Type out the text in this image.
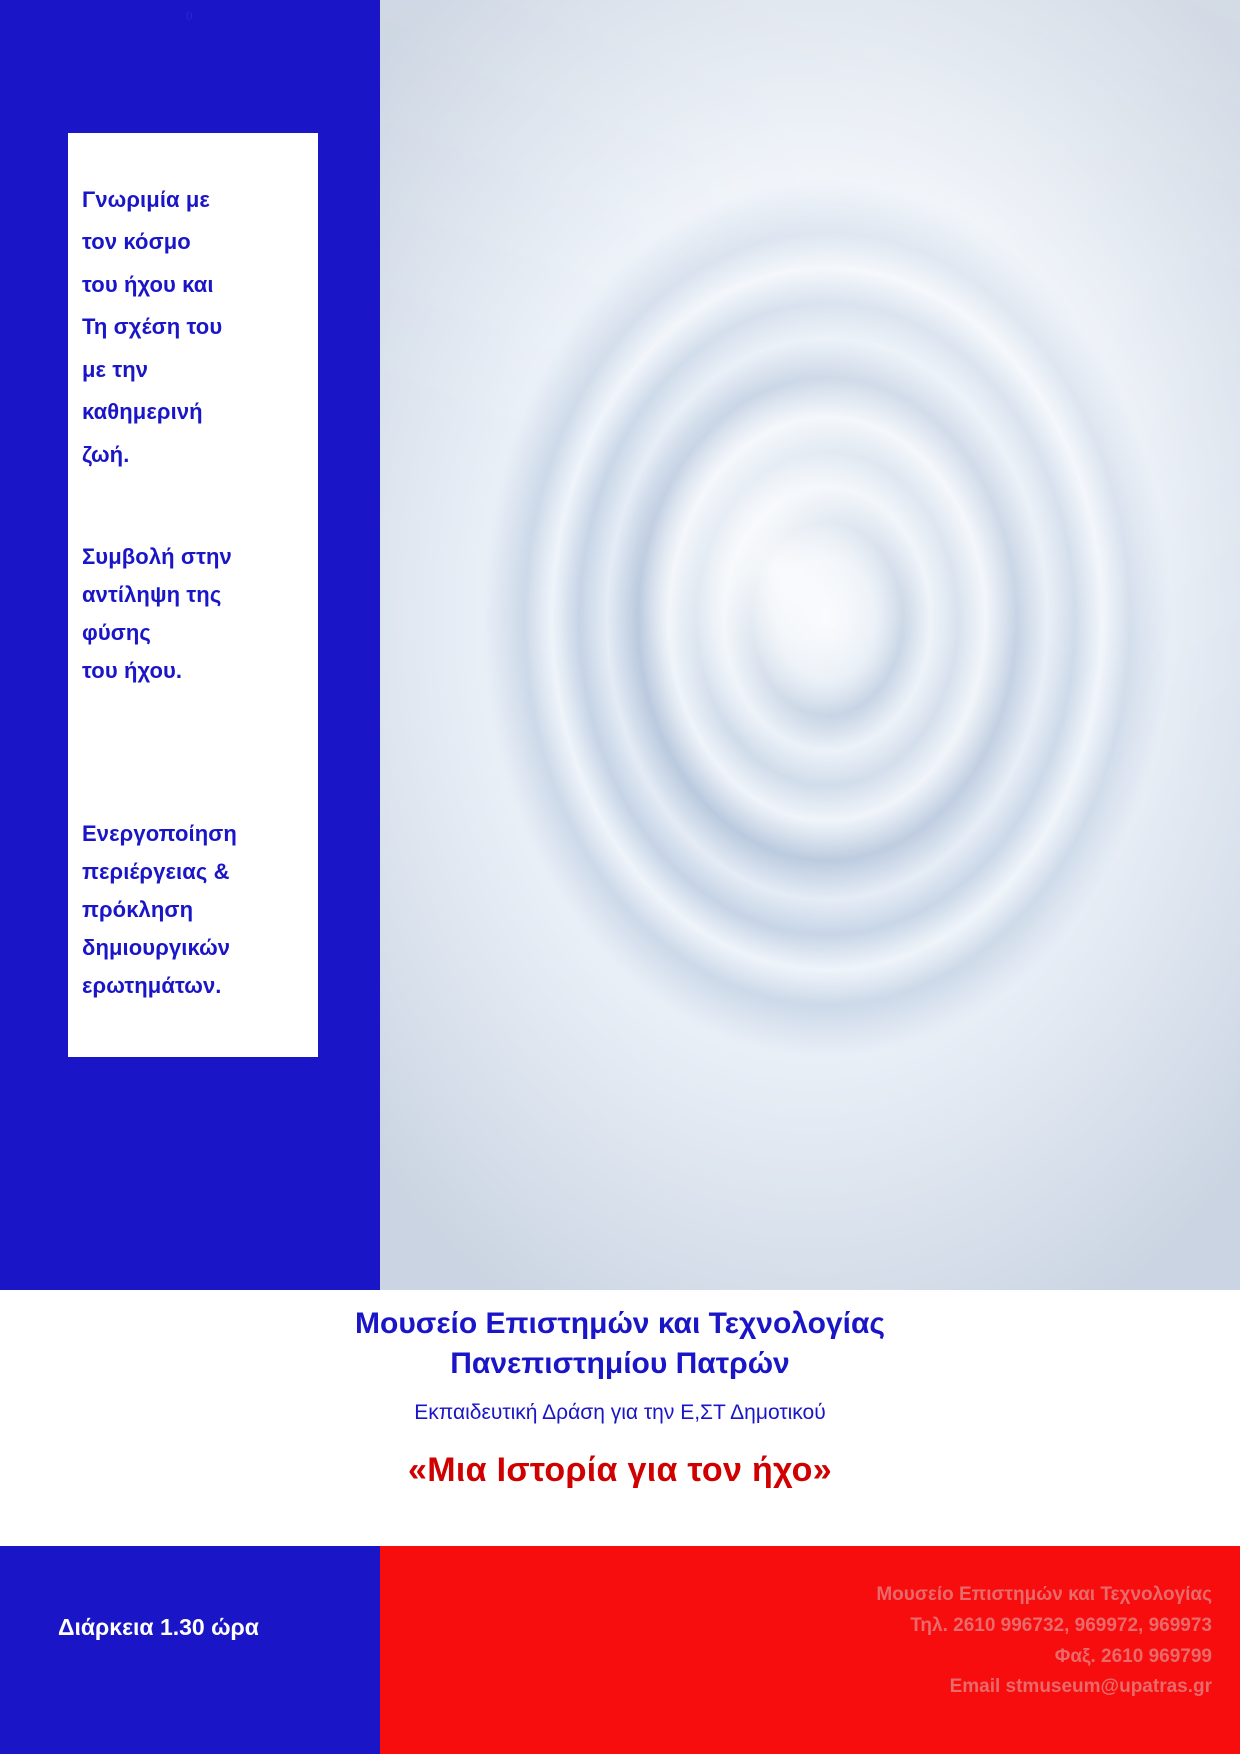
0

Γνωριμία με

τον κόσμο

του ήχου και

Τη σχέση του

με την

καθημερινή

ζωή.

Συμβολή στην

αντίληψη της

φύσης

του ήχου.

Ενεργοποίηση

περιέργειας &

πρόκληση

δημιουργικών

ερωτημάτων.

Μουσείο Επιστημών και Τεχνολογίας

Πανεπιστημίου Πατρών

Εκπαιδευτική Δράση για την Ε,ΣΤ Δημοτικού

«Μια Ιστορία για τον ήχο»

Διάρκεια 1.30 ώρα
Μουσείο Επιστημών και Τεχνολογίας
Τηλ. 2610 996732, 969972, 969973
Φαξ. 2610 969799
Email stmuseum@upatras.gr
